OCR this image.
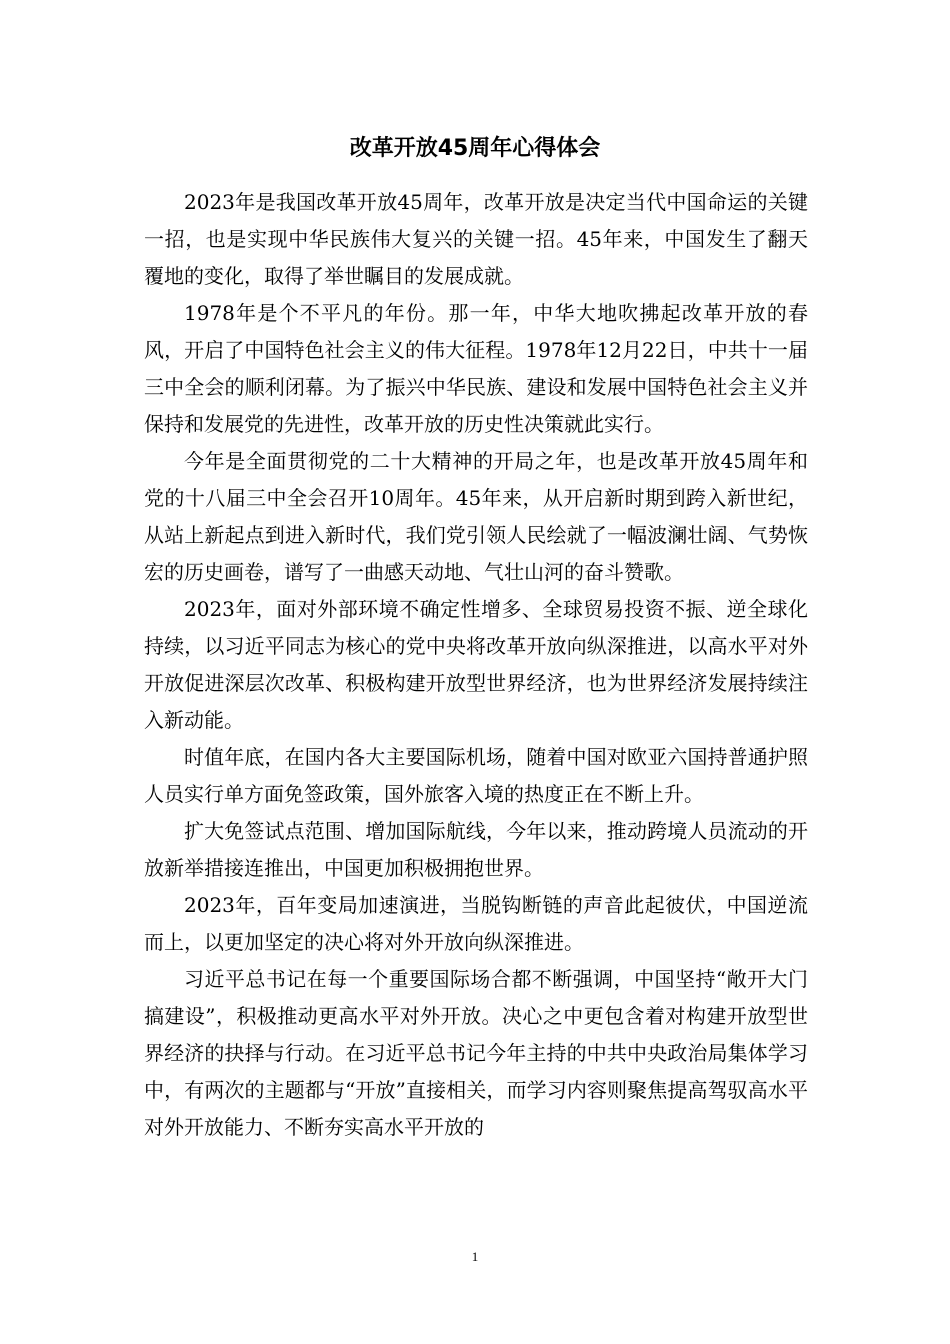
改革开放45周年心得体会

2023年是我国改革开放45周年，改革开放是决定当代中国命运的关键一招，也是实现中华民族伟大复兴的关键一招。45年来，中国发生了翻天覆地的变化，取得了举世瞩目的发展成就。

1978年是个不平凡的年份。那一年，中华大地吹拂起改革开放的春风，开启了中国特色社会主义的伟大征程。1978年12月22日，中共十一届三中全会的顺利闭幕。为了振兴中华民族、建设和发展中国特色社会主义并保持和发展党的先进性，改革开放的历史性决策就此实行。

今年是全面贯彻党的二十大精神的开局之年，也是改革开放45周年和党的十八届三中全会召开10周年。45年来，从开启新时期到跨入新世纪，从站上新起点到进入新时代，我们党引领人民绘就了一幅波澜壮阔、气势恢宏的历史画卷，谱写了一曲感天动地、气壮山河的奋斗赞歌。

2023年，面对外部环境不确定性增多、全球贸易投资不振、逆全球化持续，以习近平同志为核心的党中央将改革开放向纵深推进，以高水平对外开放促进深层次改革、积极构建开放型世界经济，也为世界经济发展持续注入新动能。

时值年底，在国内各大主要国际机场，随着中国对欧亚六国持普通护照人员实行单方面免签政策，国外旅客入境的热度正在不断上升。

扩大免签试点范围、增加国际航线，今年以来，推动跨境人员流动的开放新举措接连推出，中国更加积极拥抱世界。

2023年，百年变局加速演进，当脱钩断链的声音此起彼伏，中国逆流而上，以更加坚定的决心将对外开放向纵深推进。

习近平总书记在每一个重要国际场合都不断强调，中国坚持“敞开大门搞建设”，积极推动更高水平对外开放。决心之中更包含着对构建开放型世界经济的抉择与行动。在习近平总书记今年主持的中共中央政治局集体学习中，有两次的主题都与“开放”直接相关，而学习内容则聚焦提高驾驭高水平对外开放能力、不断夯实高水平开放的

1
